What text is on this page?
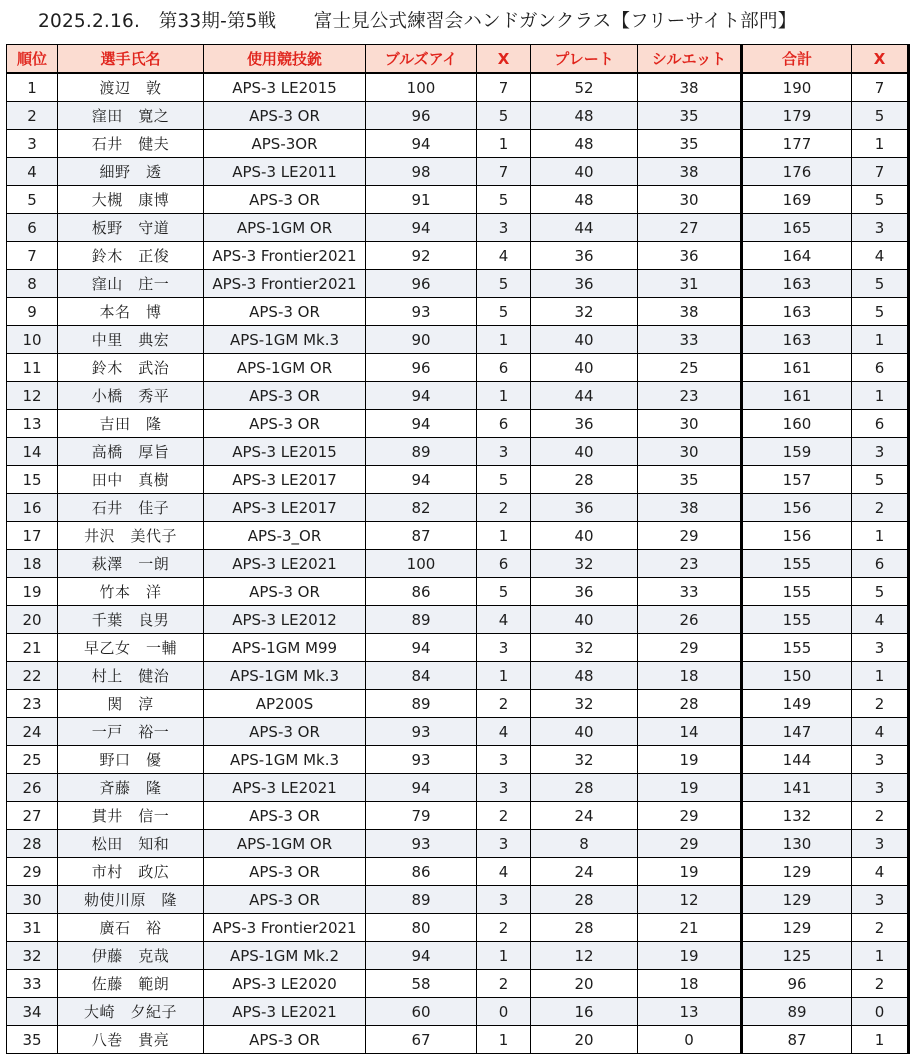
2025.2.16.　第33期-第5戦　　富士見公式練習会ハンドガンクラス【フリーサイト部門】
順位	選手氏名	使用競技銃	ブルズアイ	X	プレート	シルエット	合計	X
1	渡辺　敦	APS-3 LE2015	100	7	52	38	190	7
2	窪田　寛之	APS-3 OR	96	5	48	35	179	5
3	石井　健夫	APS-3OR	94	1	48	35	177	1
4	細野　透	APS-3 LE2011	98	7	40	38	176	7
5	大槻　康博	APS-3 OR	91	5	48	30	169	5
6	板野　守道	APS-1GM OR	94	3	44	27	165	3
7	鈴木　正俊	APS-3 Frontier2021	92	4	36	36	164	4
8	窪山　庄一	APS-3 Frontier2021	96	5	36	31	163	5
9	本名　博	APS-3 OR	93	5	32	38	163	5
10	中里　典宏	APS-1GM Mk.3	90	1	40	33	163	1
11	鈴木　武治	APS-1GM OR	96	6	40	25	161	6
12	小橋　秀平	APS-3 OR	94	1	44	23	161	1
13	吉田　隆	APS-3 OR	94	6	36	30	160	6
14	高橋　厚旨	APS-3 LE2015	89	3	40	30	159	3
15	田中　真樹	APS-3 LE2017	94	5	28	35	157	5
16	石井　佳子	APS-3 LE2017	82	2	36	38	156	2
17	井沢　美代子	APS-3_OR	87	1	40	29	156	1
18	萩澤　一朗	APS-3 LE2021	100	6	32	23	155	6
19	竹本　洋	APS-3 OR	86	5	36	33	155	5
20	千葉　良男	APS-3 LE2012	89	4	40	26	155	4
21	早乙女　一輔	APS-1GM M99	94	3	32	29	155	3
22	村上　健治	APS-1GM Mk.3	84	1	48	18	150	1
23	関　淳	AP200S	89	2	32	28	149	2
24	一戸　裕一	APS-3 OR	93	4	40	14	147	4
25	野口　優	APS-1GM Mk.3	93	3	32	19	144	3
26	斉藤　隆	APS-3 LE2021	94	3	28	19	141	3
27	貫井　信一	APS-3 OR	79	2	24	29	132	2
28	松田　知和	APS-1GM OR	93	3	8	29	130	3
29	市村　政広	APS-3 OR	86	4	24	19	129	4
30	勅使川原　隆	APS-3 OR	89	3	28	12	129	3
31	廣石　裕	APS-3 Frontier2021	80	2	28	21	129	2
32	伊藤　克哉	APS-1GM Mk.2	94	1	12	19	125	1
33	佐藤　範朗	APS-3 LE2020	58	2	20	18	96	2
34	大崎　夕紀子	APS-3 LE2021	60	0	16	13	89	0
35	八巻　貴亮	APS-3 OR	67	1	20	0	87	1
